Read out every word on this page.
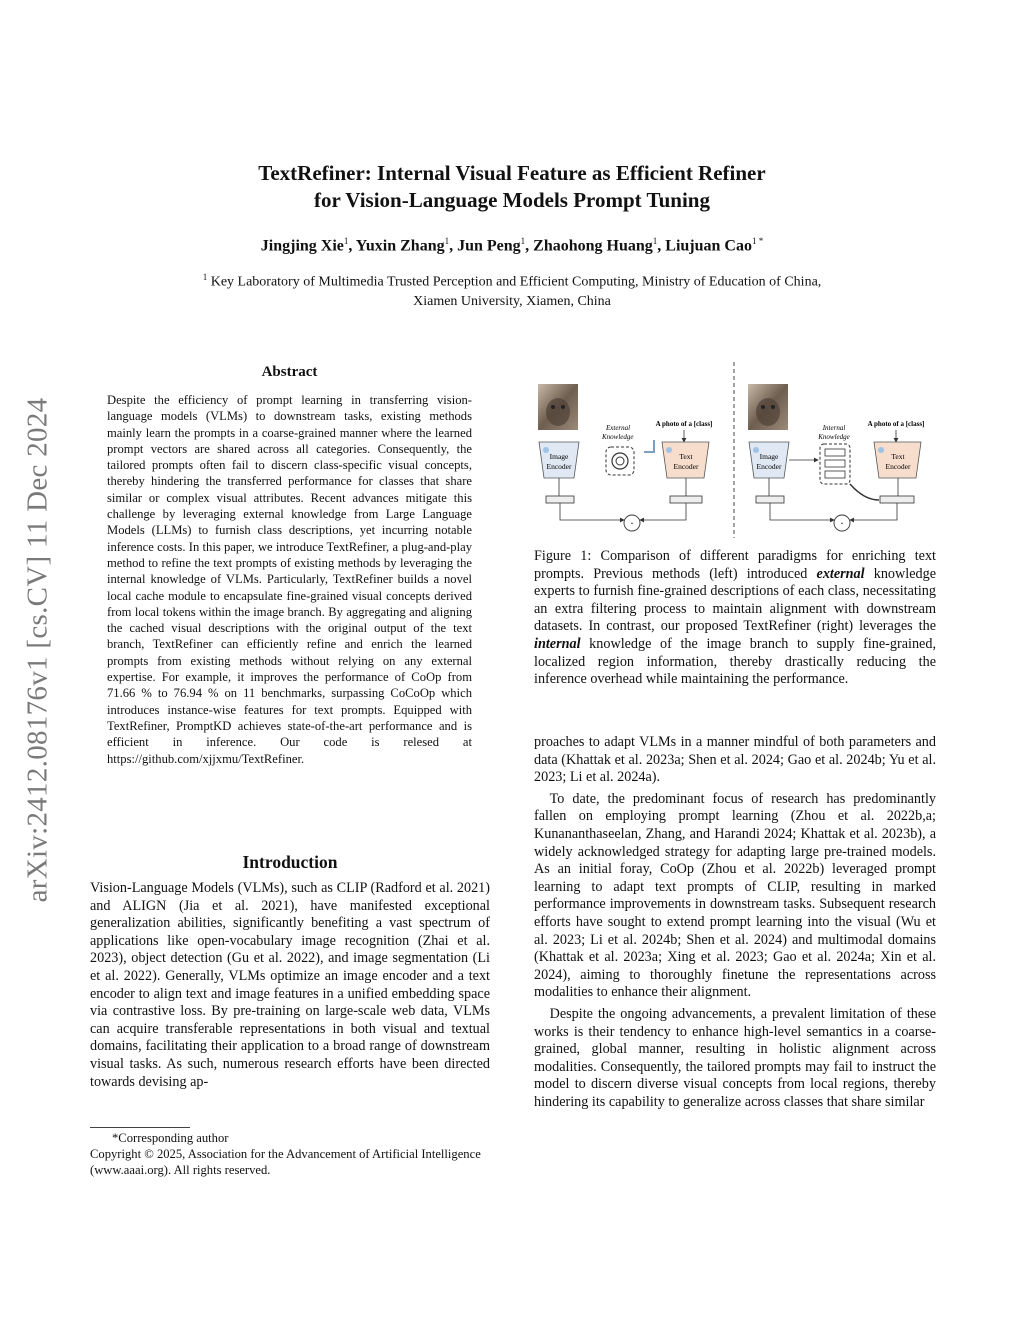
arXiv:2412.08176v1 [cs.CV] 11 Dec 2024
TextRefiner: Internal Visual Feature as Efficient Refiner
for Vision-Language Models Prompt Tuning
Jingjing Xie$^1$, Yuxin Zhang$^1$, Jun Peng$^1$, Zhaohong Huang$^1$, Liujuan Cao$^{1 *}$
$^1$ Key Laboratory of Multimedia Trusted Perception and Efficient Computing, Ministry of Education of China,
Xiamen University, Xiamen, China
Abstract
Despite the efficiency of prompt learning in transferring vision-language models (VLMs) to downstream tasks, existing methods mainly learn the prompts in a coarse-grained manner where the learned prompt vectors are shared across all categories. Consequently, the tailored prompts often fail to discern class-specific visual concepts, thereby hindering the transferred performance for classes that share similar or complex visual attributes. Recent advances mitigate this challenge by leveraging external knowledge from Large Language Models (LLMs) to furnish class descriptions, yet incurring notable inference costs. In this paper, we introduce TextRefiner, a plug-and-play method to refine the text prompts of existing methods by leveraging the internal knowledge of VLMs. Particularly, TextRefiner builds a novel local cache module to encapsulate fine-grained visual concepts derived from local tokens within the image branch. By aggregating and aligning the cached visual descriptions with the original output of the text branch, TextRefiner can efficiently refine and enrich the learned prompts from existing methods without relying on any external expertise. For example, it improves the performance of CoOp from 71.66 % to 76.94 % on 11 benchmarks, surpassing CoCoOp which introduces instance-wise features for text prompts. Equipped with TextRefiner, PromptKD achieves state-of-the-art performance and is efficient in inference. Our code is relesed at https://github.com/xjjxmu/TextRefiner.
Introduction

Vision-Language Models (VLMs), such as CLIP (Radford et al. 2021) and ALIGN (Jia et al. 2021), have manifested exceptional generalization abilities, significantly benefiting a vast spectrum of applications like open-vocabulary image recognition (Zhai et al. 2023), object detection (Gu et al. 2022), and image segmentation (Li et al. 2022). Generally, VLMs optimize an image encoder and a text encoder to align text and image features in a unified embedding space via contrastive loss. By pre-training on large-scale web data, VLMs can acquire transferable representations in both visual and textual domains, facilitating their application to a broad range of downstream visual tasks. As such, numerous research efforts have been directed towards devising ap-

*Corresponding author

Copyright © 2025, Association for the Advancement of Artificial Intelligence (www.aaai.org). All rights reserved.

Image
Encoder
External
Knowledge
A photo of a [class]
Text
Encoder
·
Image
Encoder
Internal
Knowledge
A photo of a [class]
Text
Encoder
·

Figure 1: Comparison of different paradigms for enriching text prompts. Previous methods (left) introduced external knowledge experts to furnish fine-grained descriptions of each class, necessitating an extra filtering process to maintain alignment with downstream datasets. In contrast, our proposed TextRefiner (right) leverages the internal knowledge of the image branch to supply fine-grained, localized region information, thereby drastically reducing the inference overhead while maintaining the performance.

proaches to adapt VLMs in a manner mindful of both parameters and data (Khattak et al. 2023a; Shen et al. 2024; Gao et al. 2024b; Yu et al. 2023; Li et al. 2024a).

To date, the predominant focus of research has predominantly fallen on employing prompt learning (Zhou et al. 2022b,a; Kunananthaseelan, Zhang, and Harandi 2024; Khattak et al. 2023b), a widely acknowledged strategy for adapting large pre-trained models. As an initial foray, CoOp (Zhou et al. 2022b) leveraged prompt learning to adapt text prompts of CLIP, resulting in marked performance improvements in downstream tasks. Subsequent research efforts have sought to extend prompt learning into the visual (Wu et al. 2023; Li et al. 2024b; Shen et al. 2024) and multimodal domains (Khattak et al. 2023a; Xing et al. 2023; Gao et al. 2024a; Xin et al. 2024), aiming to thoroughly finetune the representations across modalities to enhance their alignment.

Despite the ongoing advancements, a prevalent limitation of these works is their tendency to enhance high-level semantics in a coarse-grained, global manner, resulting in holistic alignment across modalities. Consequently, the tailored prompts may fail to instruct the model to discern diverse visual concepts from local regions, thereby hindering its capability to generalize across classes that share similar
